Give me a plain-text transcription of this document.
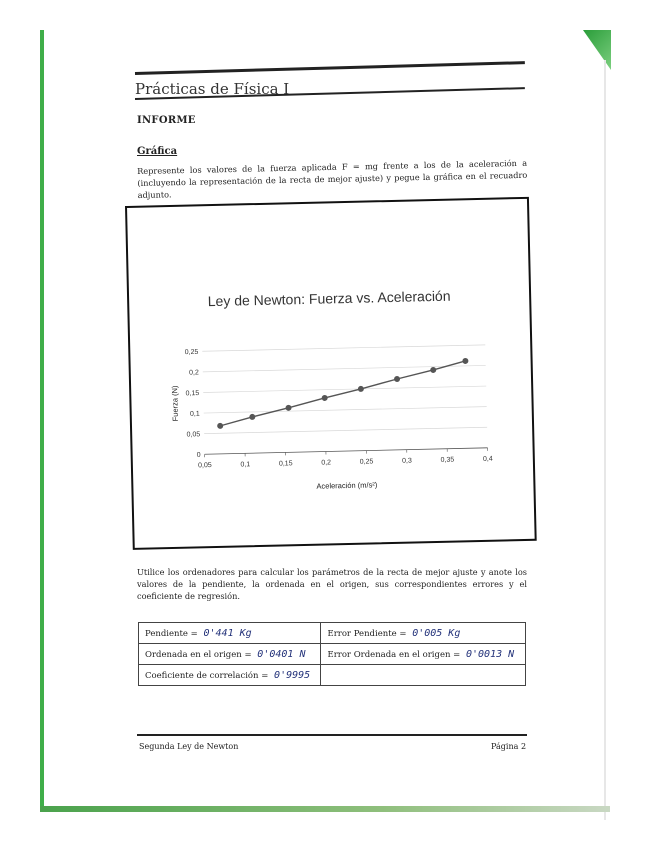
Prácticas de Física I
INFORME
Gráfica
Represente los valores de la fuerza aplicada F = mg frente a los de la aceleración a (incluyendo la representación de la recta de mejor ajuste) y pegue la gráfica en el recuadro adjunto.
Ley de Newton: Fuerza vs. Aceleración
0
0,05
0,1
0,15
0,2
0,25
0,05	0,1	0,15	0,2	0,25	0,3	0,35	0,4
Aceleración (m/s²)
Fuerza (N)
Utilice los ordenadores para calcular los parámetros de la recta de mejor ajuste y anote los valores de la pendiente, la ordenada en el origen, sus correspondientes errores y el coeficiente de regresión.
Pendiente = 0'441 Kg	Error Pendiente = 0'005 Kg
Ordenada en el origen = 0'0401 N	Error Ordenada en el origen = 0'0013 N
Coeficiente de correlación = 0'9995	
Segunda Ley de Newton	Página 2
